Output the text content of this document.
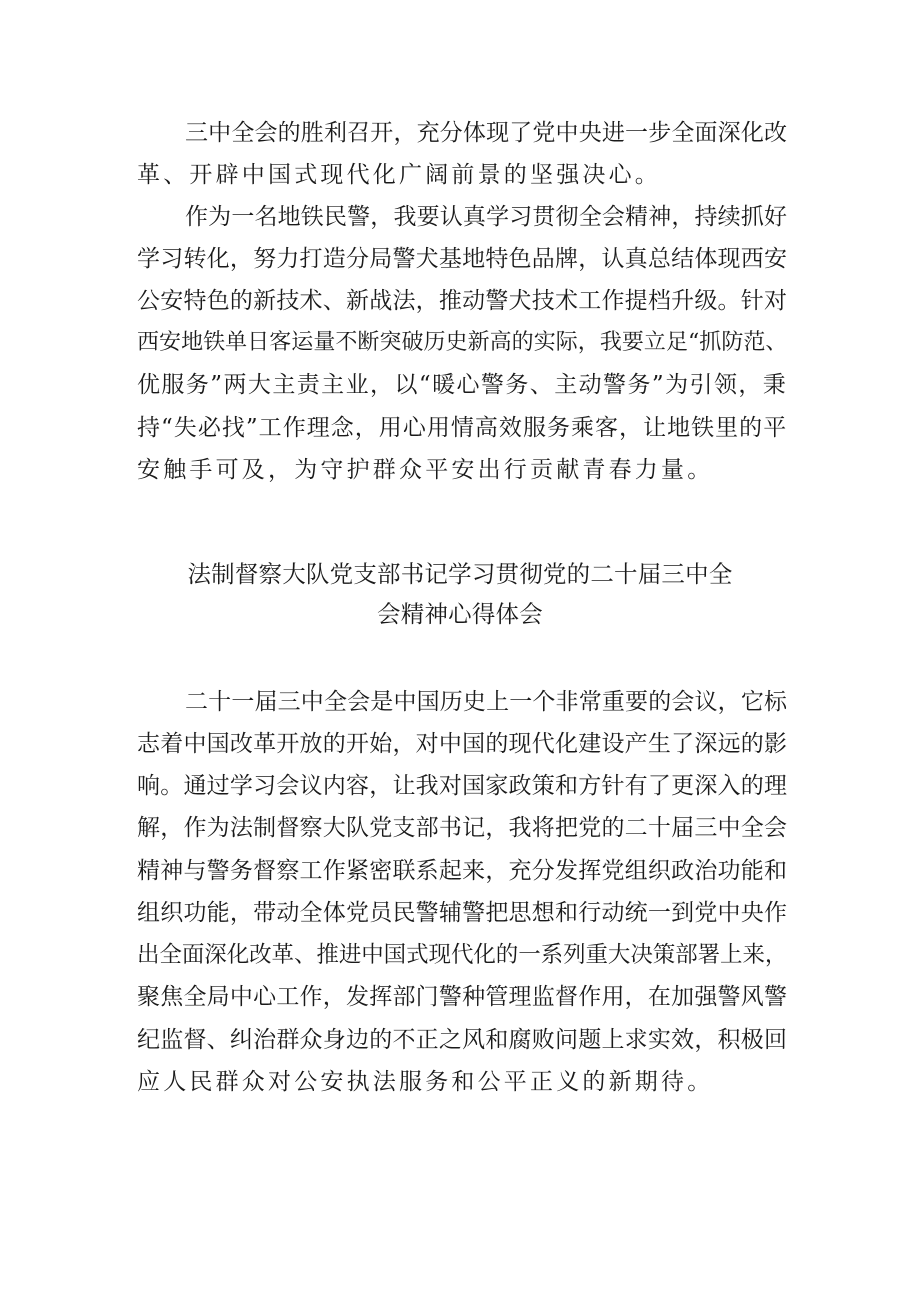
三中全会的胜利召开，充分体现了党中央进一步全面深化改
革、开辟中国式现代化广阔前景的坚强决心。
作为一名地铁民警，我要认真学习贯彻全会精神，持续抓好
学习转化，努力打造分局警犬基地特色品牌，认真总结体现西安
公安特色的新技术、新战法，推动警犬技术工作提档升级。针对
西安地铁单日客运量不断突破历史新高的实际，我要立足“抓防范、
优服务”两大主责主业，以“暖心警务、主动警务”为引领，秉
持“失必找”工作理念，用心用情高效服务乘客，让地铁里的平
安触手可及，为守护群众平安出行贡献青春力量。
法制督察大队党支部书记学习贯彻党的二十届三中全
会精神心得体会
二十一届三中全会是中国历史上一个非常重要的会议，它标
志着中国改革开放的开始，对中国的现代化建设产生了深远的影
响。通过学习会议内容，让我对国家政策和方针有了更深入的理
解，作为法制督察大队党支部书记，我将把党的二十届三中全会
精神与警务督察工作紧密联系起来，充分发挥党组织政治功能和
组织功能，带动全体党员民警辅警把思想和行动统一到党中央作
出全面深化改革、推进中国式现代化的一系列重大决策部署上来，
聚焦全局中心工作，发挥部门警种管理监督作用，在加强警风警
纪监督、纠治群众身边的不正之风和腐败问题上求实效，积极回
应人民群众对公安执法服务和公平正义的新期待。
